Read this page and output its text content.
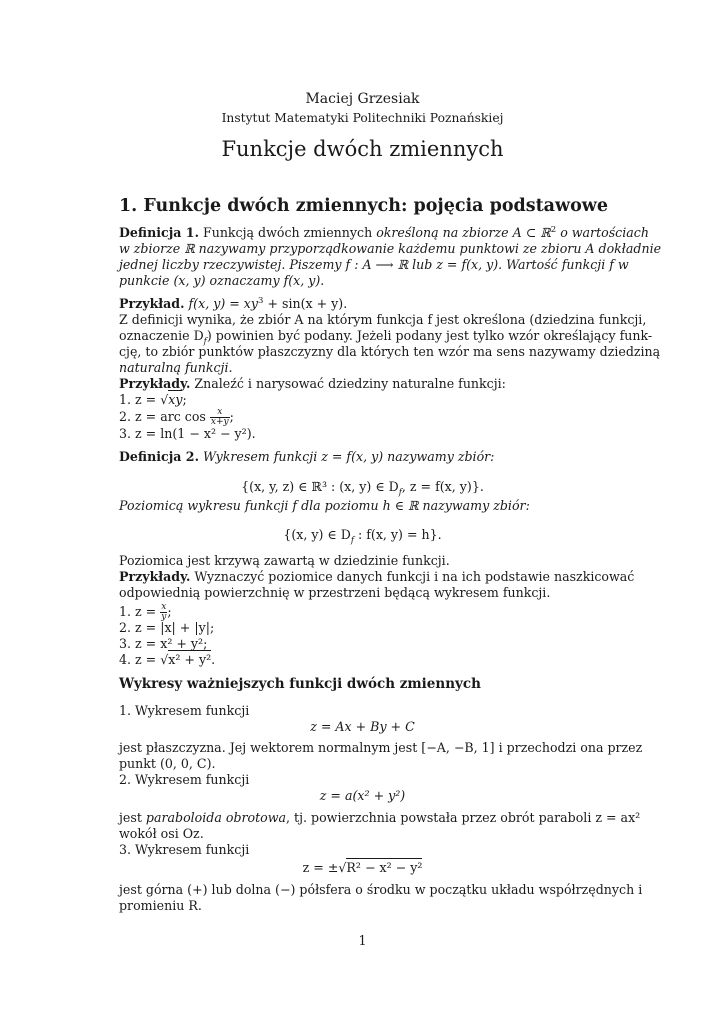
Maciej Grzesiak
Instytut Matematyki Politechniki Poznańskiej
Funkcje dwóch zmiennych
1. Funkcje dwóch zmiennych: pojęcia podstawowe
Definicja 1. Funkcją dwóch zmiennych określoną na zbiorze A ⊂ ℝ$^2$ o wartościach
w zbiorze ℝ nazywamy przyporządkowanie każdemu punktowi ze zbioru A dokładnie
jednej liczby rzeczywistej. Piszemy f : A ⟶ ℝ lub z = f(x, y). Wartość funkcji f w
punkcie (x, y) oznaczamy f(x, y).
Przykład. f(x, $y) = xy^3 + \sin(x + y)$.
Z definicji wynika, że zbiór A na którym funkcja f jest określona (dziedzina funkcji,
oznaczenie $D_f$) powinien być podany. Jeżeli podany jest tylko wzór określający funk-
cję, to zbiór punktów płaszczyzny dla których ten wzór ma sens nazywamy dziedziną
naturalną funkcji.
Przykłady. Znaleźć i narysować dziedziny naturalne funkcji:
1. z = √xy;
2. z = arc $\cos \frac{x}{x+y}$ ;
3. z = ln(1 − x² − y²).
Definicja 2. Wykresem funkcji z = f(x, y) nazywamy zbiór:
{(x, y, z) ∈ ℝ³ : (x, y) ∈ $D_f$, z = f(x, y)}.
Poziomicą wykresu funkcji f dla poziomu h ∈ ℝ nazywamy zbiór:
{(x, y) ∈ $D_f$ : f(x, y) = h}.
Poziomica jest krzywą zawartą w dziedzinie funkcji.
Przykłady. Wyznaczyć poziomice danych funkcji i na ich podstawie naszkicować
odpowiednią powierzchnię w przestrzeni będącą wykresem funkcji.
1. $z = \frac{x}{y}$ ;
2. z = |x| + |y|;
3. z = x² + y²;
4. z = √x² + y².
Wykresy ważniejszych funkcji dwóch zmiennych
1. Wykresem funkcji
z = Ax + By + C
jest płaszczyzna. Jej wektorem normalnym jest [−A, −B, 1] i przechodzi ona przez
punkt (0, 0, C).
2. Wykresem funkcji
z = a(x² + y²)
jest paraboloida obrotowa, tj. powierzchnia powstała przez obrót paraboli z = ax²
wokół osi Oz.
3. Wykresem funkcji
z = ±√R² − x² − y²
jest górna (+) lub dolna (−) półsfera o środku w początku układu współrzędnych i
promieniu R.
1
